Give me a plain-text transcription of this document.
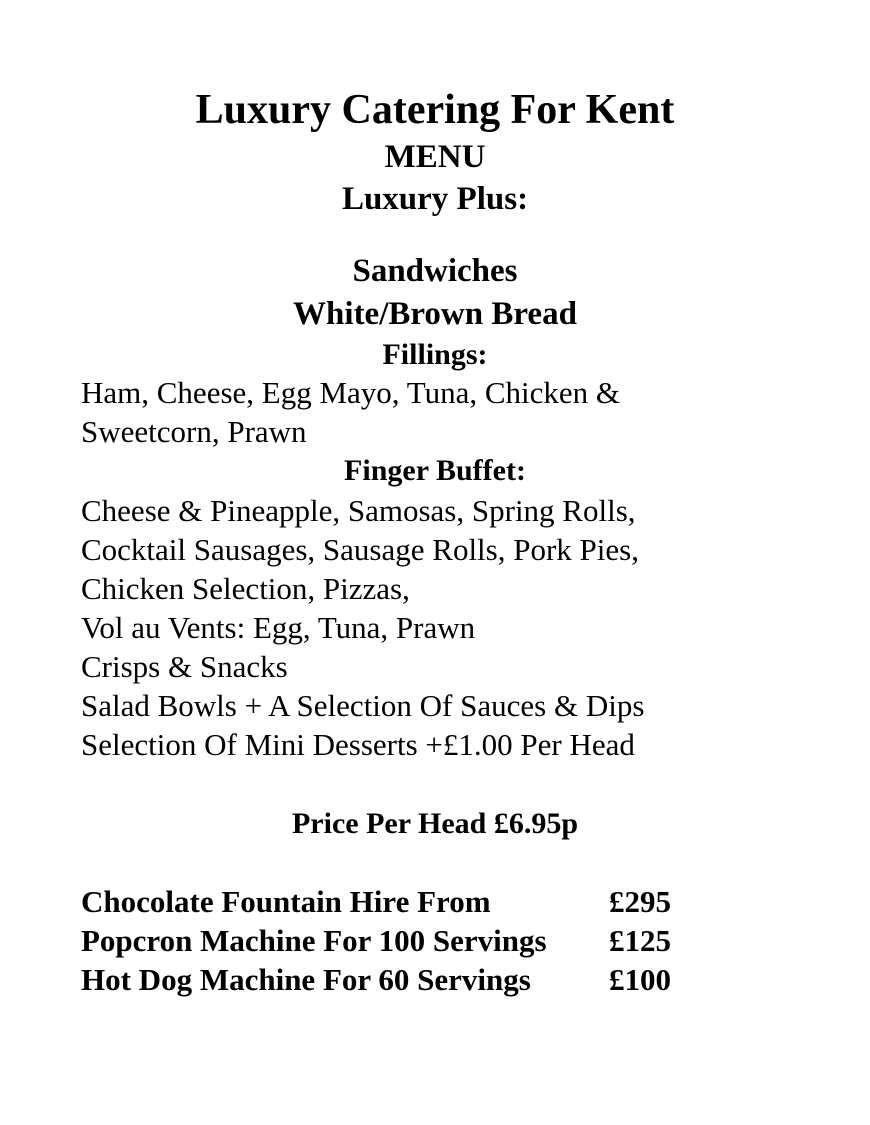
Luxury Catering For Kent
MENU
Luxury Plus:
Sandwiches
White/Brown Bread
Fillings:

Ham, Cheese, Egg Mayo, Tuna, Chicken &

Sweetcorn, Prawn

Finger Buffet:

Cheese & Pineapple, Samosas, Spring Rolls,

Cocktail Sausages, Sausage Rolls, Pork Pies,

Chicken Selection, Pizzas,

Vol au Vents: Egg, Tuna, Prawn

Crisps & Snacks

Salad Bowls + A Selection Of Sauces & Dips

Selection Of Mini Desserts +£1.00 Per Head

Price Per Head £6.95p
Chocolate Fountain Hire From	£295
Popcron Machine For 100 Servings £125
Hot Dog Machine For 60 Servings	£100
